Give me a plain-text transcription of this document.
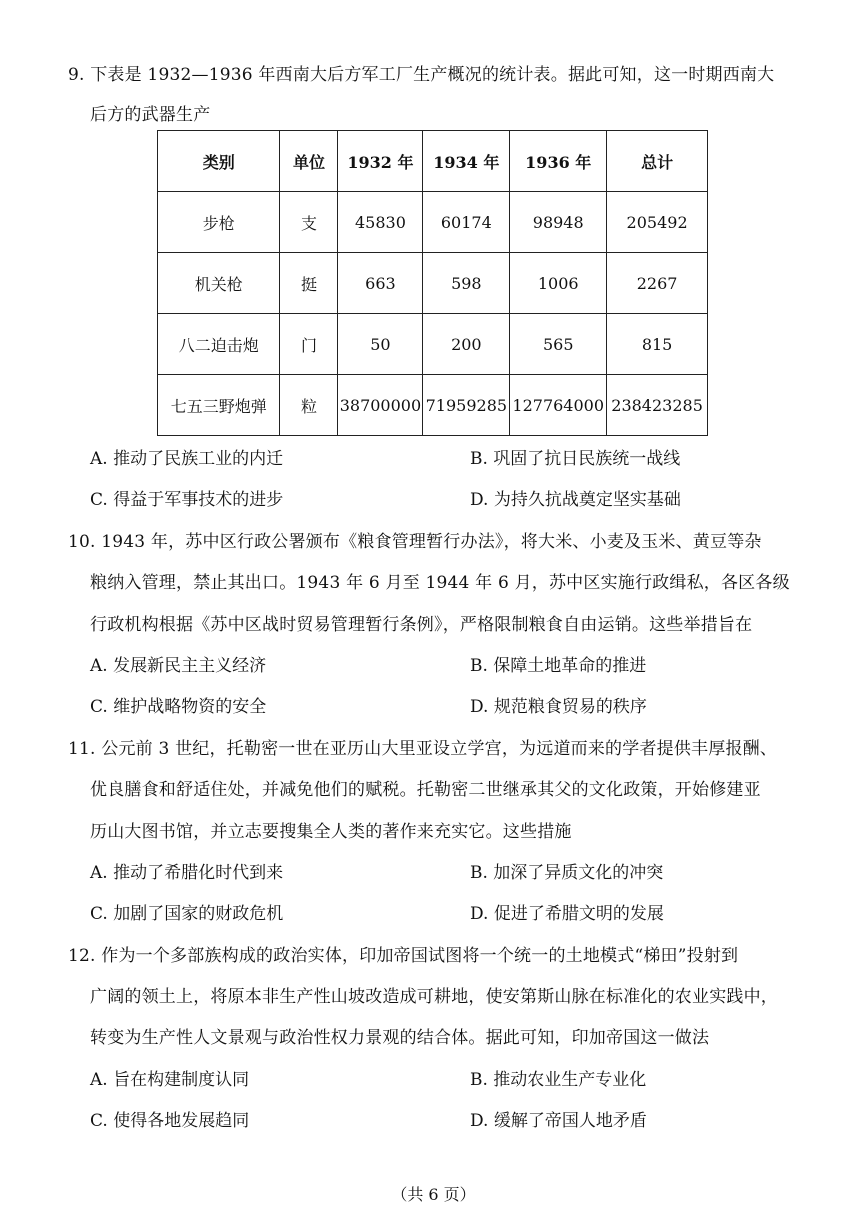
9. 下表是 1932—1936 年西南大后方军工厂生产概况的统计表。据此可知，这一时期西南大
后方的武器生产
类别	单位	1932 年	1934 年	1936 年	总计
步枪	支	45830	60174	98948	205492
机关枪	挺	663	598	1006	2267
八二迫击炮	门	50	200	565	815
七五三野炮弹	粒	38700000	71959285	127764000	238423285
A. 推动了民族工业的内迁	B. 巩固了抗日民族统一战线
C. 得益于军事技术的进步	D. 为持久抗战奠定坚实基础
10. 1943 年，苏中区行政公署颁布《粮食管理暂行办法》，将大米、小麦及玉米、黄豆等杂
粮纳入管理，禁止其出口。1943 年 6 月至 1944 年 6 月，苏中区实施行政缉私，各区各级
行政机构根据《苏中区战时贸易管理暂行条例》，严格限制粮食自由运销。这些举措旨在
A. 发展新民主主义经济	B. 保障土地革命的推进
C. 维护战略物资的安全	D. 规范粮食贸易的秩序
11. 公元前 3 世纪，托勒密一世在亚历山大里亚设立学宫，为远道而来的学者提供丰厚报酬、
优良膳食和舒适住处，并减免他们的赋税。托勒密二世继承其父的文化政策，开始修建亚
历山大图书馆，并立志要搜集全人类的著作来充实它。这些措施
A. 推动了希腊化时代到来	B. 加深了异质文化的冲突
C. 加剧了国家的财政危机	D. 促进了希腊文明的发展
12. 作为一个多部族构成的政治实体，印加帝国试图将一个统一的土地模式“梯田”投射到
广阔的领土上，将原本非生产性山坡改造成可耕地，使安第斯山脉在标准化的农业实践中，
转变为生产性人文景观与政治性权力景观的结合体。据此可知，印加帝国这一做法
A. 旨在构建制度认同	B. 推动农业生产专业化
C. 使得各地发展趋同	D. 缓解了帝国人地矛盾
（共 6 页）
